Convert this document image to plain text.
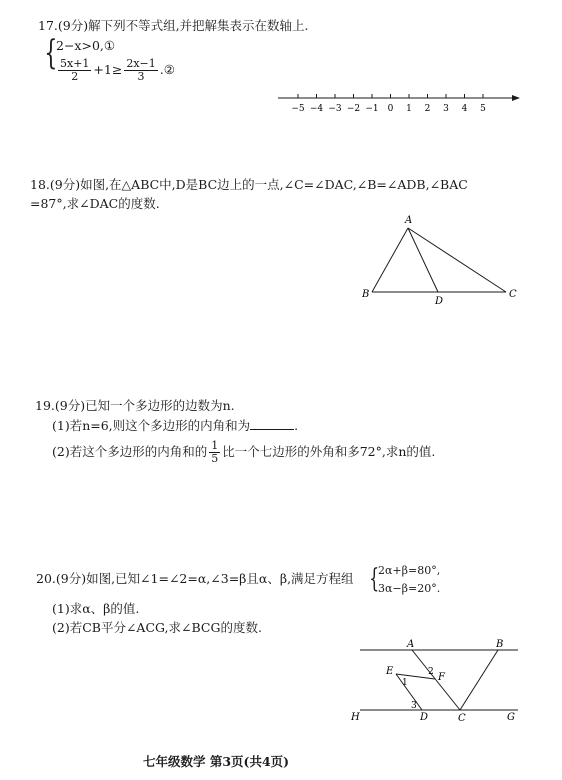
17.(9分)解下列不等式组,并把解集表示在数轴上.
{
2−x>0,①
$\frac{5x+1}{2} +1\ge \frac{2x-1}{3}$ .②
−5 −4 −3 −2 −1 0 1 2 3 4 5
18.(9分)如图,在△ABC中,D是BC边上的一点,∠C=∠DAC,∠B=∠ADB,∠BAC
=87°,求∠DAC的度数.
A
B	C
D
19.(9分)已知一个多边形的边数为n.
(1)若n=6,则这个多边形的内角和为	.
(2)若这个多边形的内角和的 $\frac{1}{5}$ 比一个七边形的外角和多72°,求n的值.
20.(9分)如图,已知∠1=∠2=α,∠3=β且α、β,满足方程组 {
2α+β=80°,
3α−β=20°.
(1)求α、β的值.
(2)若CB平分∠ACG,求∠BCG的度数.
A	B
E
F
H	D	C	G
1
2
3
七年级数学 第3页(共4页)
